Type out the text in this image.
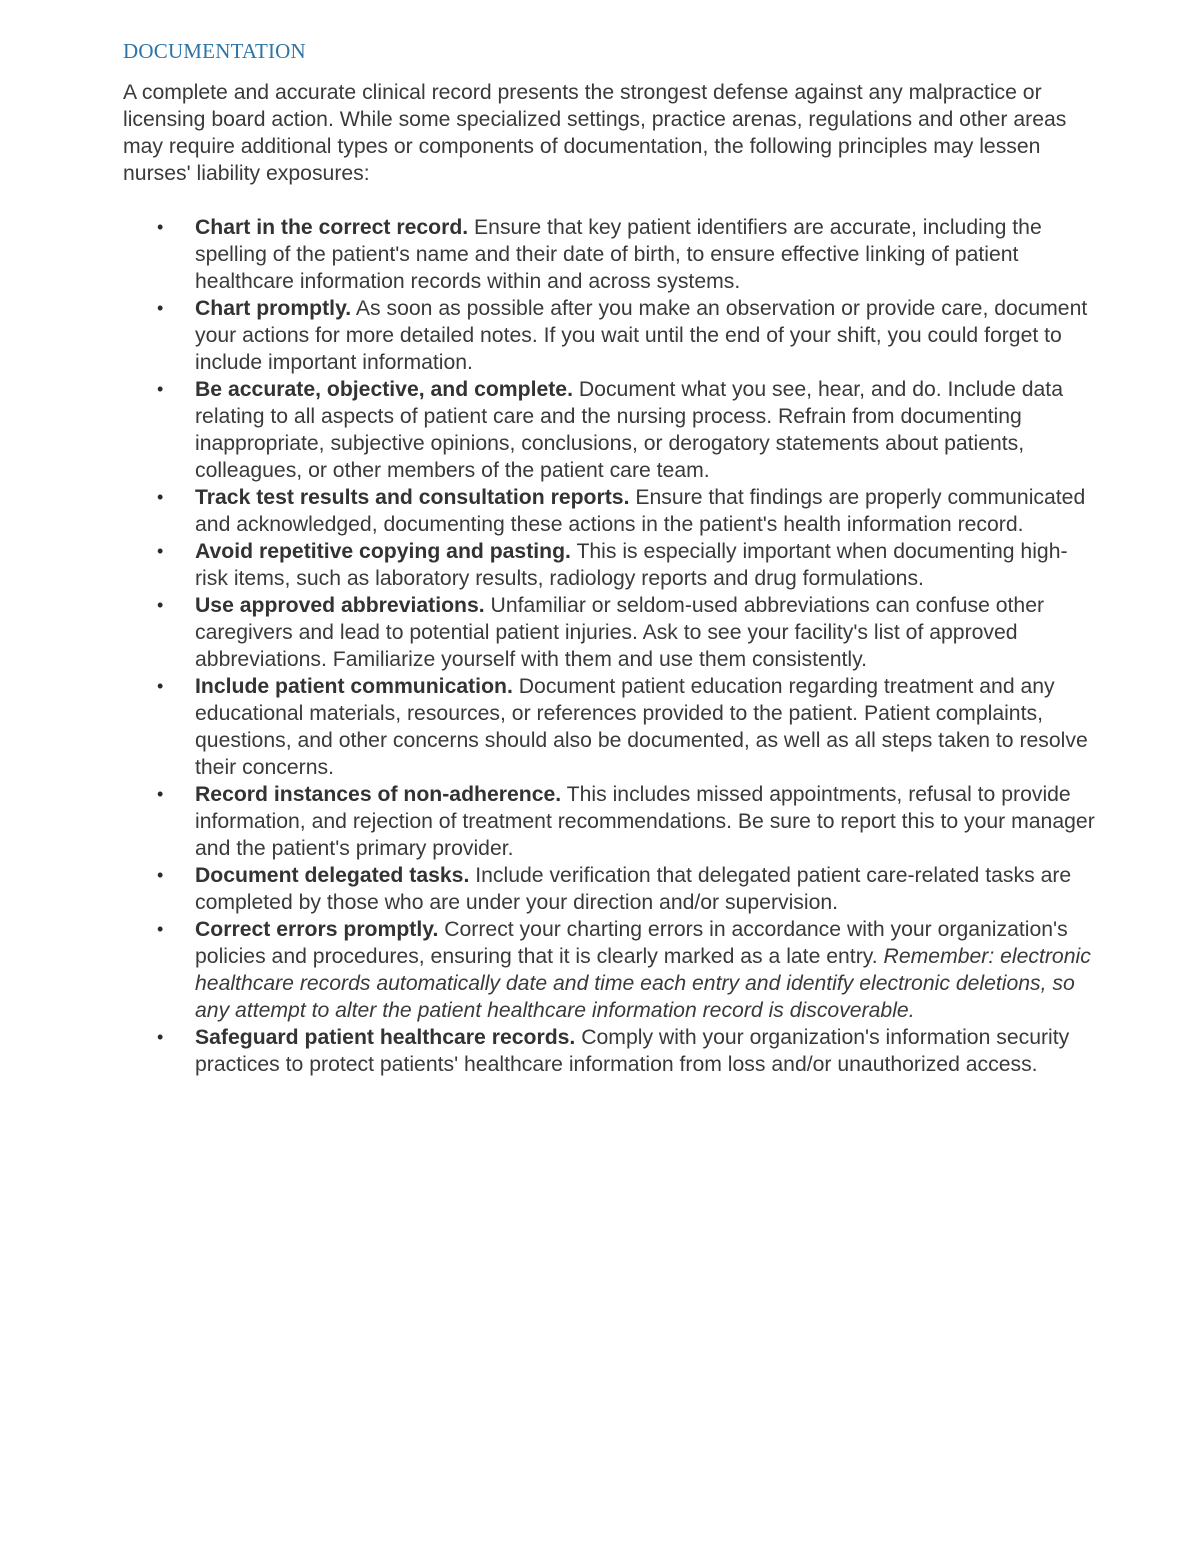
DOCUMENTATION

A complete and accurate clinical record presents the strongest defense against any malpractice or licensing board action. While some specialized settings, practice arenas, regulations and other areas may require additional types or components of documentation, the following principles may lessen nurses' liability exposures:

• Chart in the correct record. Ensure that key patient identifiers are accurate, including the spelling of the patient's name and their date of birth, to ensure effective linking of patient healthcare information records within and across systems.
• Chart promptly. As soon as possible after you make an observation or provide care, document your actions for more detailed notes. If you wait until the end of your shift, you could forget to include important information.
• Be accurate, objective, and complete. Document what you see, hear, and do. Include data relating to all aspects of patient care and the nursing process. Refrain from documenting inappropriate, subjective opinions, conclusions, or derogatory statements about patients, colleagues, or other members of the patient care team.
• Track test results and consultation reports. Ensure that findings are properly communicated and acknowledged, documenting these actions in the patient's health information record.
• Avoid repetitive copying and pasting. This is especially important when documenting high-risk items, such as laboratory results, radiology reports and drug formulations.
• Use approved abbreviations. Unfamiliar or seldom-used abbreviations can confuse other caregivers and lead to potential patient injuries. Ask to see your facility's list of approved abbreviations. Familiarize yourself with them and use them consistently.
• Include patient communication. Document patient education regarding treatment and any educational materials, resources, or references provided to the patient. Patient complaints, questions, and other concerns should also be documented, as well as all steps taken to resolve their concerns.
• Record instances of non-adherence. This includes missed appointments, refusal to provide information, and rejection of treatment recommendations. Be sure to report this to your manager and the patient's primary provider.
• Document delegated tasks. Include verification that delegated patient care-related tasks are completed by those who are under your direction and/or supervision.
• Correct errors promptly. Correct your charting errors in accordance with your organization's policies and procedures, ensuring that it is clearly marked as a late entry. Remember: electronic healthcare records automatically date and time each entry and identify electronic deletions, so any attempt to alter the patient healthcare information record is discoverable.
• Safeguard patient healthcare records. Comply with your organization's information security practices to protect patients' healthcare information from loss and/or unauthorized access.
